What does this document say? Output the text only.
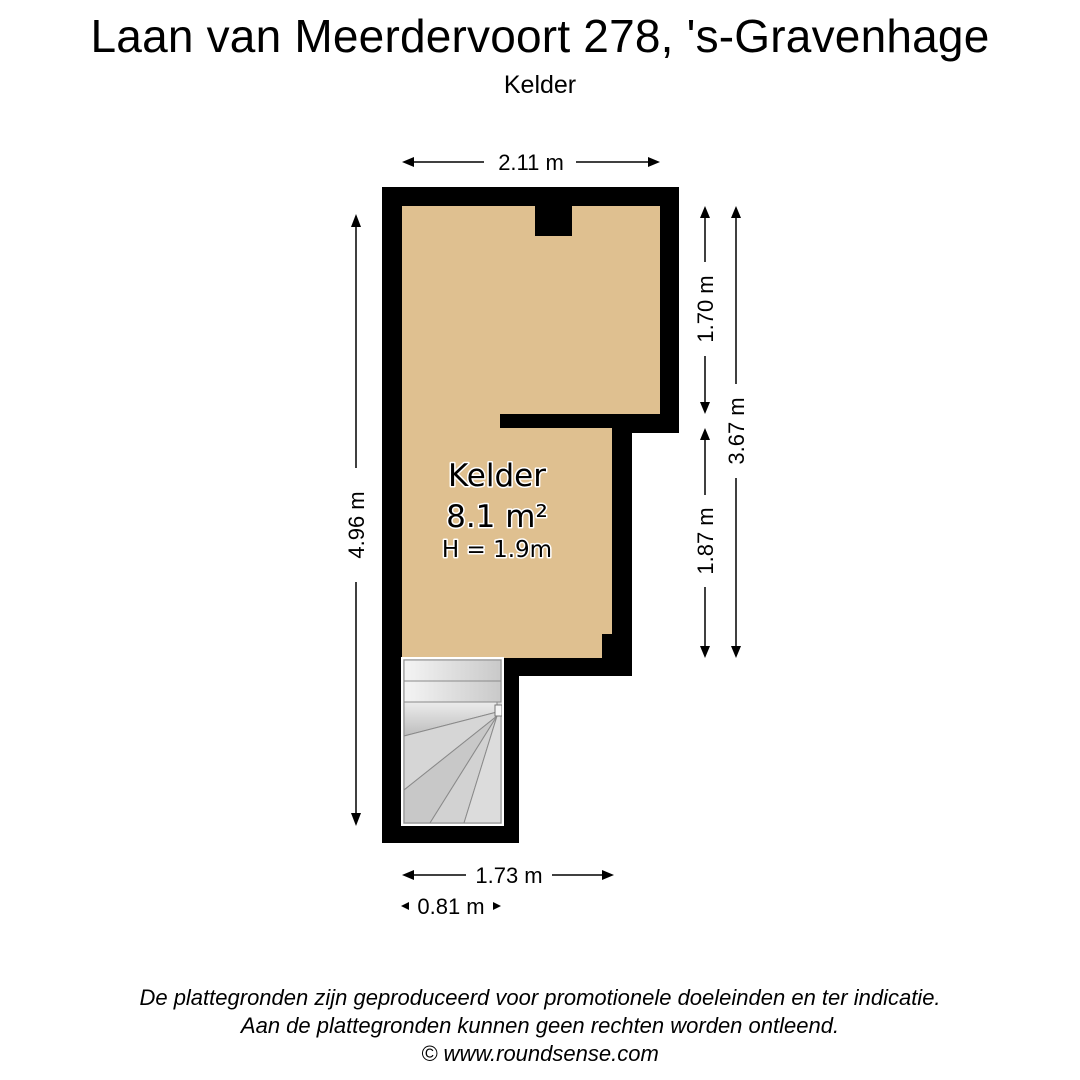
Laan van Meerdervoort 278, 's-Gravenhage
Kelder
Kelder
8.1 m²
H = 1.9m
2.11 m
4.96 m
1.70 m
1.87 m
3.67 m
1.73 m
0.81 m
De plattegronden zijn geproduceerd voor promotionele doeleinden en ter indicatie.
Aan de plattegronden kunnen geen rechten worden ontleend.
© www.roundsense.com
